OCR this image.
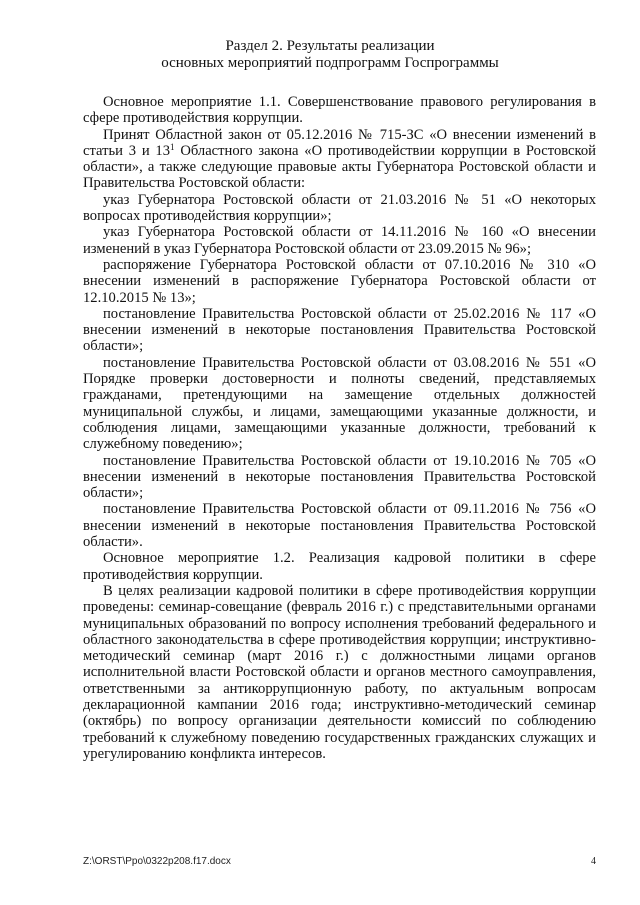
Раздел 2. Результаты реализации
основных мероприятий подпрограмм Госпрограммы

Основное мероприятие 1.1. Совершенствование правового регулирования в сфере противодействия коррупции.

Принят Областной закон от 05.12.2016 № 715-ЗС «О внесении изменений в статьи 3 и $13^1$ Областного закона «О противодействии коррупции в Ростовской области», а также следующие правовые акты Губернатора Ростовской области и Правительства Ростовской области:

указ Губернатора Ростовской области от 21.03.2016 № 51 «О некоторых вопросах противодействия коррупции»;

указ Губернатора Ростовской области от 14.11.2016 № 160 «О внесении изменений в указ Губернатора Ростовской области от 23.09.2015 № 96»;

распоряжение Губернатора Ростовской области от 07.10.2016 № 310 «О внесении изменений в распоряжение Губернатора Ростовской области от 12.10.2015 № 13»;

постановление Правительства Ростовской области от 25.02.2016 № 117 «О внесении изменений в некоторые постановления Правительства Ростовской области»;

постановление Правительства Ростовской области от 03.08.2016 № 551 «О Порядке проверки достоверности и полноты сведений, представляемых гражданами, претендующими на замещение отдельных должностей муниципальной службы, и лицами, замещающими указанные должности, и соблюдения лицами, замещающими указанные должности, требований к служебному поведению»;

постановление Правительства Ростовской области от 19.10.2016 № 705 «О внесении изменений в некоторые постановления Правительства Ростовской области»;

постановление Правительства Ростовской области от 09.11.2016 № 756 «О внесении изменений в некоторые постановления Правительства Ростовской области».

Основное мероприятие 1.2. Реализация кадровой политики в сфере противодействия коррупции.

В целях реализации кадровой политики в сфере противодействия коррупции проведены: семинар-совещание (февраль 2016 г.) с представительными органами муниципальных образований по вопросу исполнения требований федерального и областного законодательства в сфере противодействия коррупции; инструктивно-методический семинар (март 2016 г.) с должностными лицами органов исполнительной власти Ростовской области и органов местного самоуправления, ответственными за антикоррупционную работу, по актуальным вопросам декларационной кампании 2016 года; инструктивно-методический семинар (октябрь) по вопросу организации деятельности комиссий по соблюдению требований к служебному поведению государственных гражданских служащих и урегулированию конфликта интересов.

Z:\ORST\Ppo\0322p208.f17.docx	4
